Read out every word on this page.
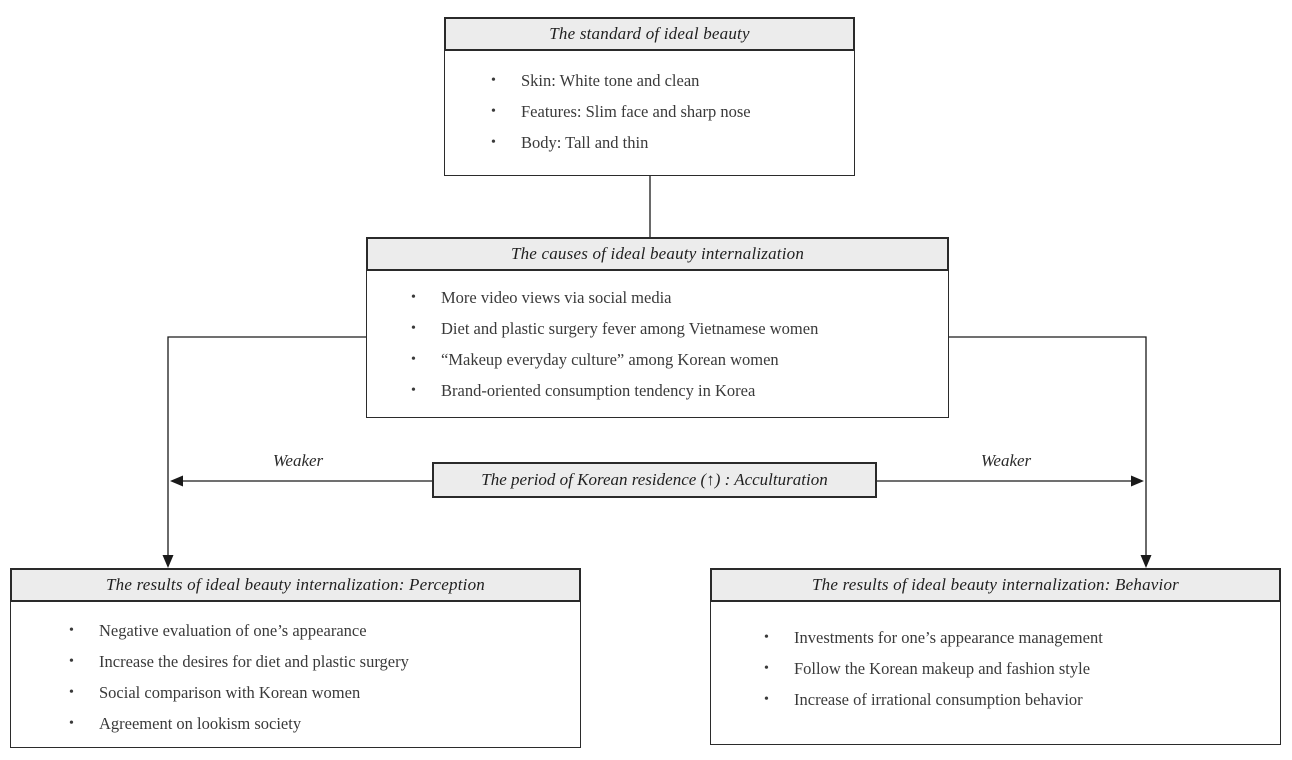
The standard of ideal beauty
• Skin: White tone and clean
• Features: Slim face and sharp nose
• Body: Tall and thin
The causes of ideal beauty internalization
• More video views via social media
• Diet and plastic surgery fever among Vietnamese women
• “Makeup everyday culture” among Korean women
• Brand-oriented consumption tendency in Korea
The period of Korean residence (↑) : Acculturation
Weaker	Weaker
The results of ideal beauty internalization: Perception
• Negative evaluation of one’s appearance
• Increase the desires for diet and plastic surgery
• Social comparison with Korean women
• Agreement on lookism society
The results of ideal beauty internalization: Behavior
• Investments for one’s appearance management
• Follow the Korean makeup and fashion style
• Increase of irrational consumption behavior
